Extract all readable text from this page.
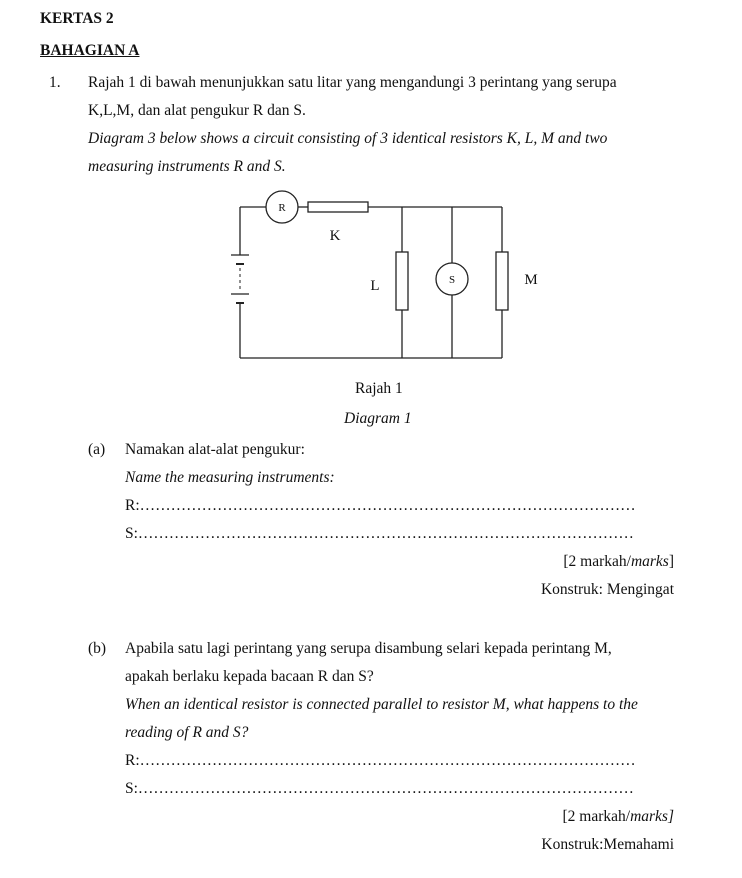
KERTAS 2
BAHAGIAN A
1. Rajah 1 di bawah menunjukkan satu litar yang mengandungi 3 perintang yang serupa
K,L,M, dan alat pengukur R dan S.
Diagram 3 below shows a circuit consisting of 3 identical resistors K, L, M and two
measuring instruments R and S.
R
S
K
L	M
Rajah 1
Diagram 1
(a) Namakan alat-alat pengukur:
Name the measuring instruments:
R:……………………………………………………………………………………
S:……………………………………………………………………………………
[2 markah/marks]
Konstruk: Mengingat
(b) Apabila satu lagi perintang yang serupa disambung selari kepada perintang M,
apakah berlaku kepada bacaan R dan S?
When an identical resistor is connected parallel to resistor M, what happens to the
reading of R and S?
R:……………………………………………………………………………………
S:……………………………………………………………………………………
[2 markah/marks]
Konstruk:Memahami
